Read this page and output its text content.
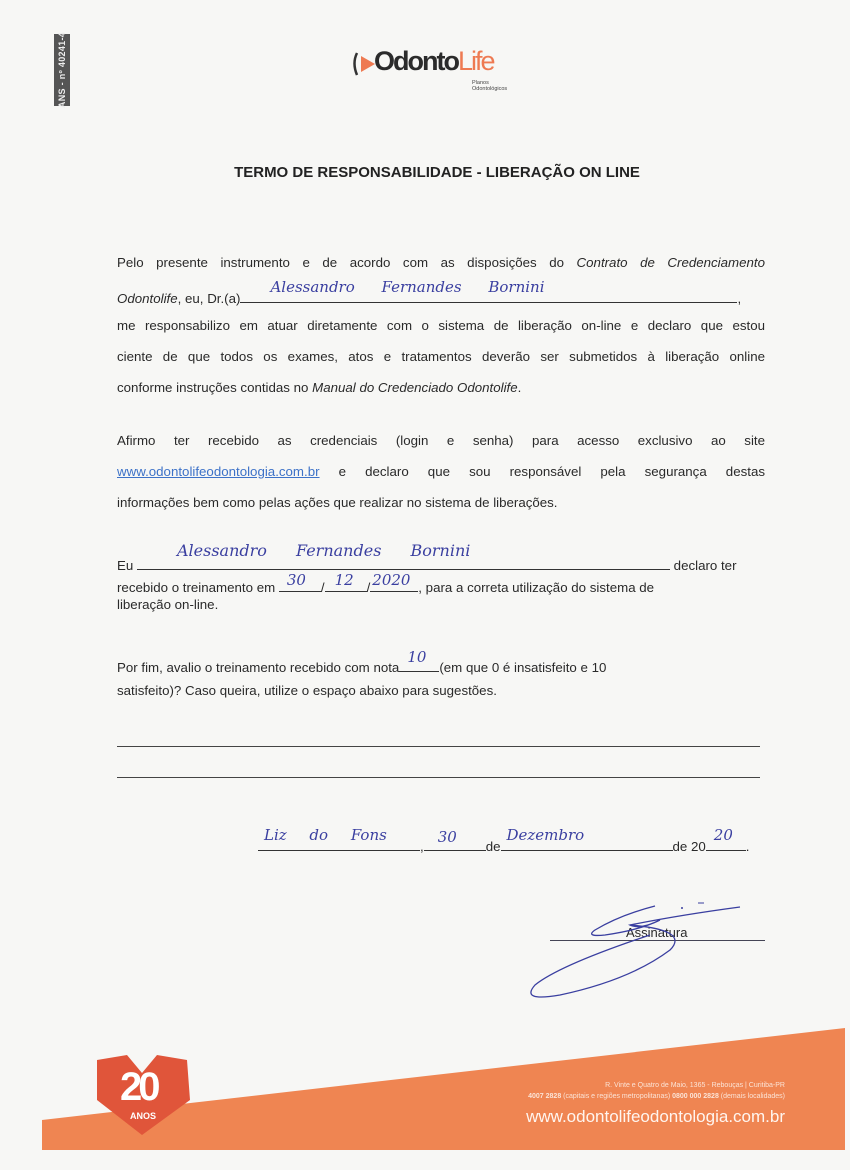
ANS - nº 40241-4	OdontoLife
Planos Odontológicos
TERMO DE RESPONSABILIDADE - LIBERAÇÃO ON LINE
Pelo presente instrumento e de acordo com as disposições do Contrato de Credenciamento
Odontolife, eu, Dr.(a)
Alessandro Fernandes Bornini
,
me responsabilizo em atuar diretamente com o sistema de liberação on-line e declaro que estou
ciente de que todos os exames, atos e tratamentos deverão ser submetidos à liberação online
conforme instruções contidas no Manual do Credenciado Odontolife.
Afirmo ter recebido as credenciais (login e senha) para acesso exclusivo ao site
www.odontolifeodontologia.com.br e declaro que sou responsável pela segurança destas
informações bem como pelas ações que realizar no sistema de liberações.
Eu
Alessandro Fernandes Bornini
declaro ter
recebido o treinamento em 30 / 12 / 2020 , para a correta utilização do sistema de
liberação on-line.
Por fim, avalio o treinamento recebido com nota
10
(em que 0 é insatisfeito e 10
satisfeito)? Caso queira, utilize o espaço abaixo para sugestões.
Liz do Fons
,
30
de
Dezembro
de 20
20
.
Assinatura
20
ANOS
R. Vinte e Quatro de Maio, 1365 - Rebouças | Curitiba-PR
4007 2828 (capitais e regiões metropolitanas) 0800 000 2828 (demais localidades)
www.odontolifeodontologia.com.br
